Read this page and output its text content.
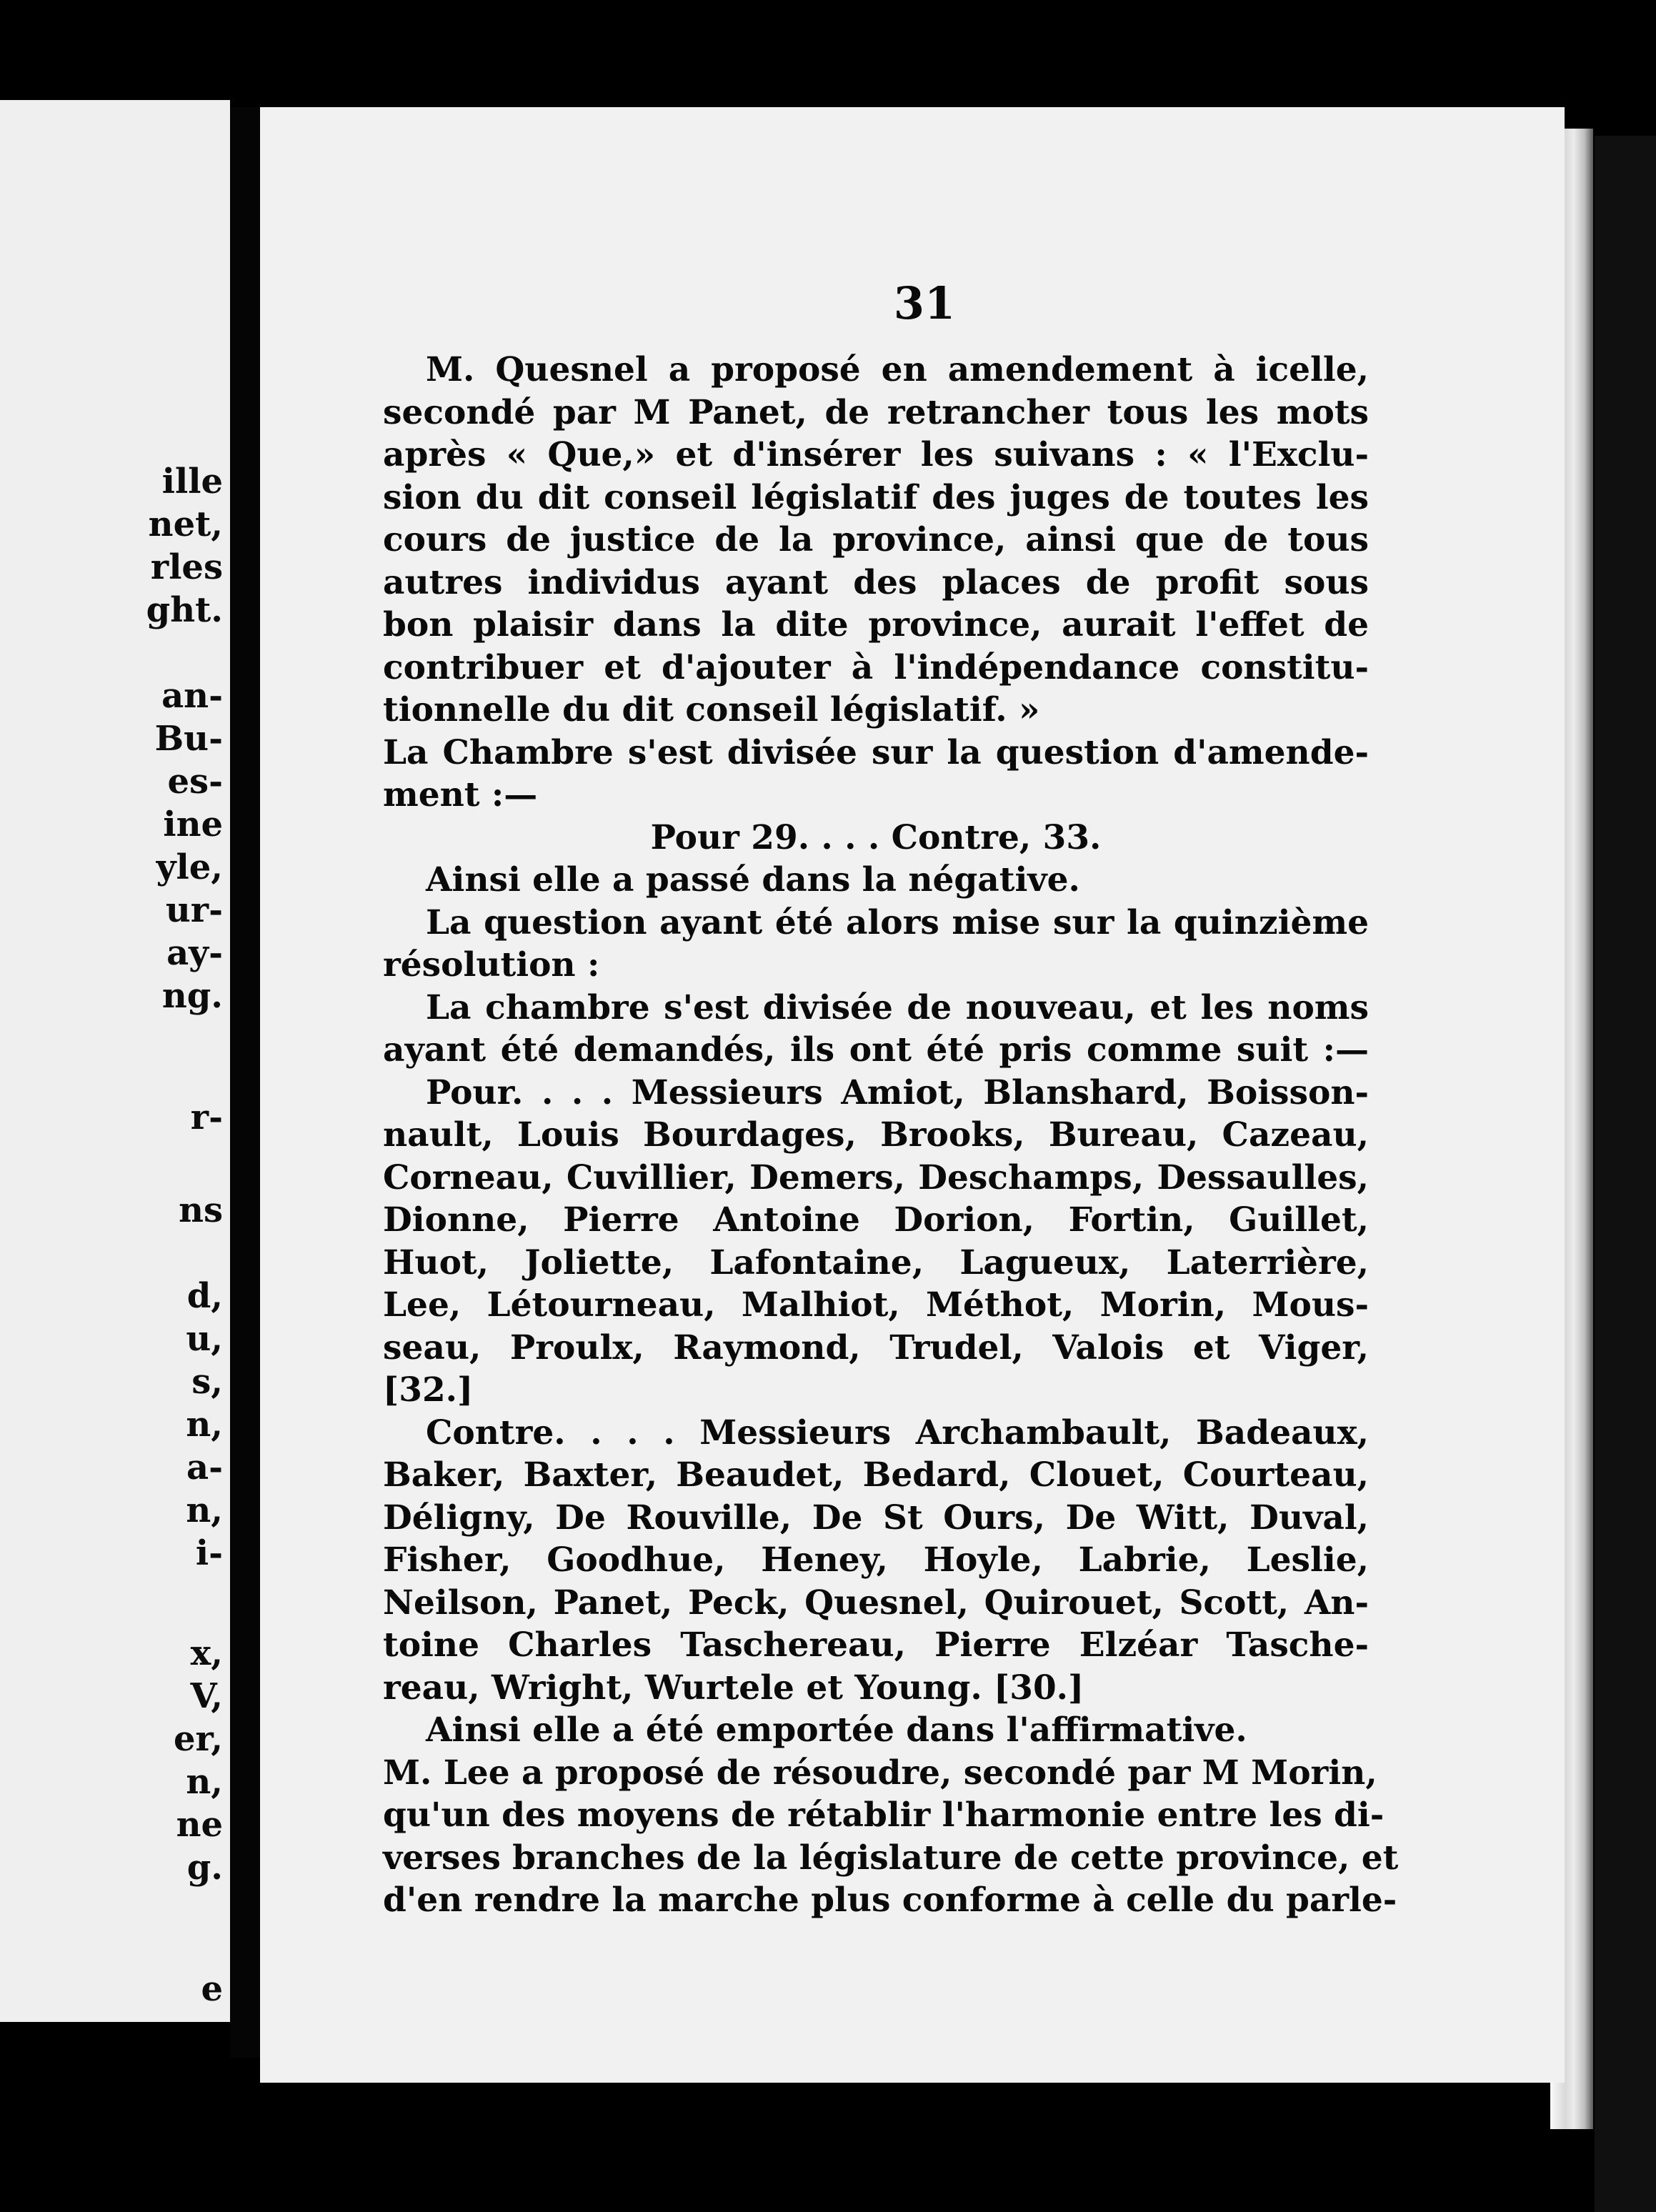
ille
net,
rles
ght.
an-
Bu-
es-
ine
yle,
ur-
ay-
ng.
r-
ns
d,
u,
s,
n,
a-
n,
i-
x,
V,
er,
n,
ne
g.
e
31
M. Quesnel a proposé en amendement à icelle,
secondé par M Panet, de retrancher tous les mots
après « Que,» et d'insérer les suivans : « l'Exclu-
sion du dit conseil législatif des juges de toutes les
cours de justice de la province, ainsi que de tous
autres individus ayant des places de profit sous
bon plaisir dans la dite province, aurait l'effet de
contribuer et d'ajouter à l'indépendance constitu-
tionnelle du dit conseil législatif. »
La Chambre s'est divisée sur la question d'amende-
ment :—
Pour 29. . . . Contre, 33.
Ainsi elle a passé dans la négative.
La question ayant été alors mise sur la quinzième
résolution :
La chambre s'est divisée de nouveau, et les noms
ayant été demandés, ils ont été pris comme suit :—
Pour. . . . Messieurs Amiot, Blanshard, Boisson-
nault, Louis Bourdages, Brooks, Bureau, Cazeau,
Corneau, Cuvillier, Demers, Deschamps, Dessaulles,
Dionne, Pierre Antoine Dorion, Fortin, Guillet,
Huot, Joliette, Lafontaine, Lagueux, Laterrière,
Lee, Létourneau, Malhiot, Méthot, Morin, Mous-
seau, Proulx, Raymond, Trudel, Valois et Viger,
[32.]
Contre. . . . Messieurs Archambault, Badeaux,
Baker, Baxter, Beaudet, Bedard, Clouet, Courteau,
Déligny, De Rouville, De St Ours, De Witt, Duval,
Fisher, Goodhue, Heney, Hoyle, Labrie, Leslie,
Neilson, Panet, Peck, Quesnel, Quirouet, Scott, An-
toine Charles Taschereau, Pierre Elzéar Tasche-
reau, Wright, Wurtele et Young. [30.]
Ainsi elle a été emportée dans l'affirmative.
M. Lee a proposé de résoudre, secondé par M Morin,
qu'un des moyens de rétablir l'harmonie entre les di-
verses branches de la législature de cette province, et
d'en rendre la marche plus conforme à celle du parle-
